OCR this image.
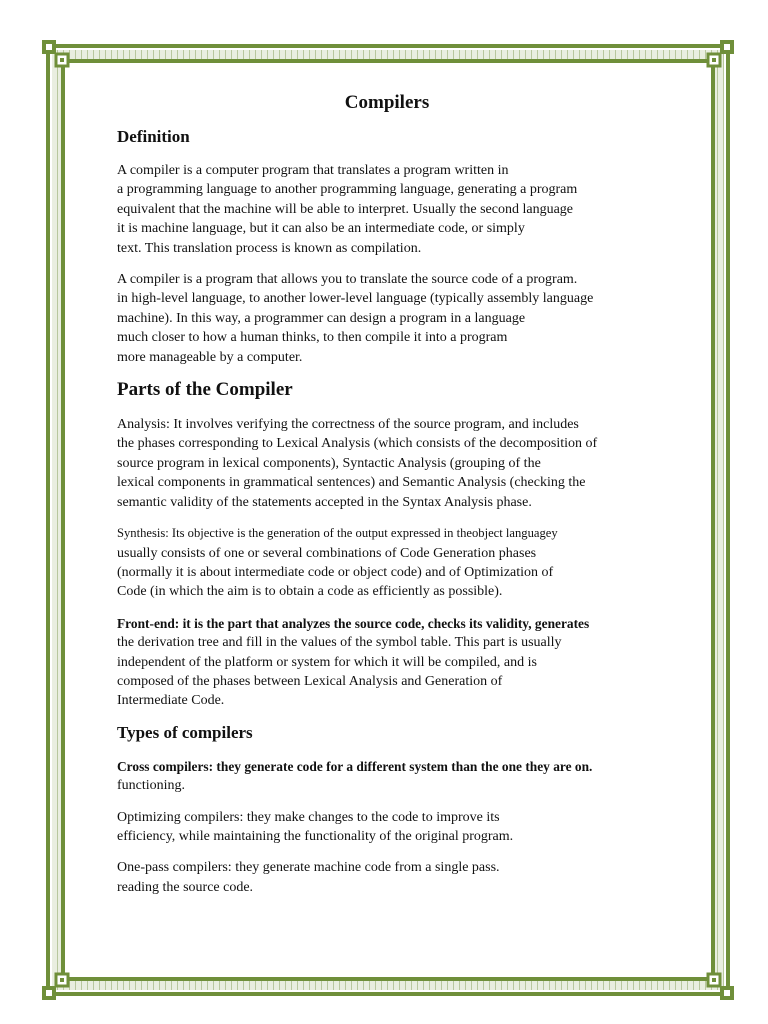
Compilers
Definition

A compiler is a computer program that translates a program written in
a programming language to another programming language, generating a program
equivalent that the machine will be able to interpret. Usually the second language
it is machine language, but it can also be an intermediate code, or simply
text. This translation process is known as compilation.

A compiler is a program that allows you to translate the source code of a program.
in high-level language, to another lower-level language (typically assembly language
machine). In this way, a programmer can design a program in a language
much closer to how a human thinks, to then compile it into a program
more manageable by a computer.

Parts of the Compiler

Analysis: It involves verifying the correctness of the source program, and includes
the phases corresponding to Lexical Analysis (which consists of the decomposition of
source program in lexical components), Syntactic Analysis (grouping of the
lexical components in grammatical sentences) and Semantic Analysis (checking the
semantic validity of the statements accepted in the Syntax Analysis phase.

Synthesis: Its objective is the generation of the output expressed in theobject languagey
usually consists of one or several combinations of Code Generation phases
(normally it is about intermediate code or object code) and of Optimization of
Code (in which the aim is to obtain a code as efficiently as possible).

Front-end: it is the part that analyzes the source code, checks its validity, generates
the derivation tree and fill in the values of the symbol table. This part is usually
independent of the platform or system for which it will be compiled, and is
composed of the phases between Lexical Analysis and Generation of
Intermediate Code.

Types of compilers

Cross compilers: they generate code for a different system than the one they are on.
functioning.

Optimizing compilers: they make changes to the code to improve its
efficiency, while maintaining the functionality of the original program.

One-pass compilers: they generate machine code from a single pass.
reading the source code.
